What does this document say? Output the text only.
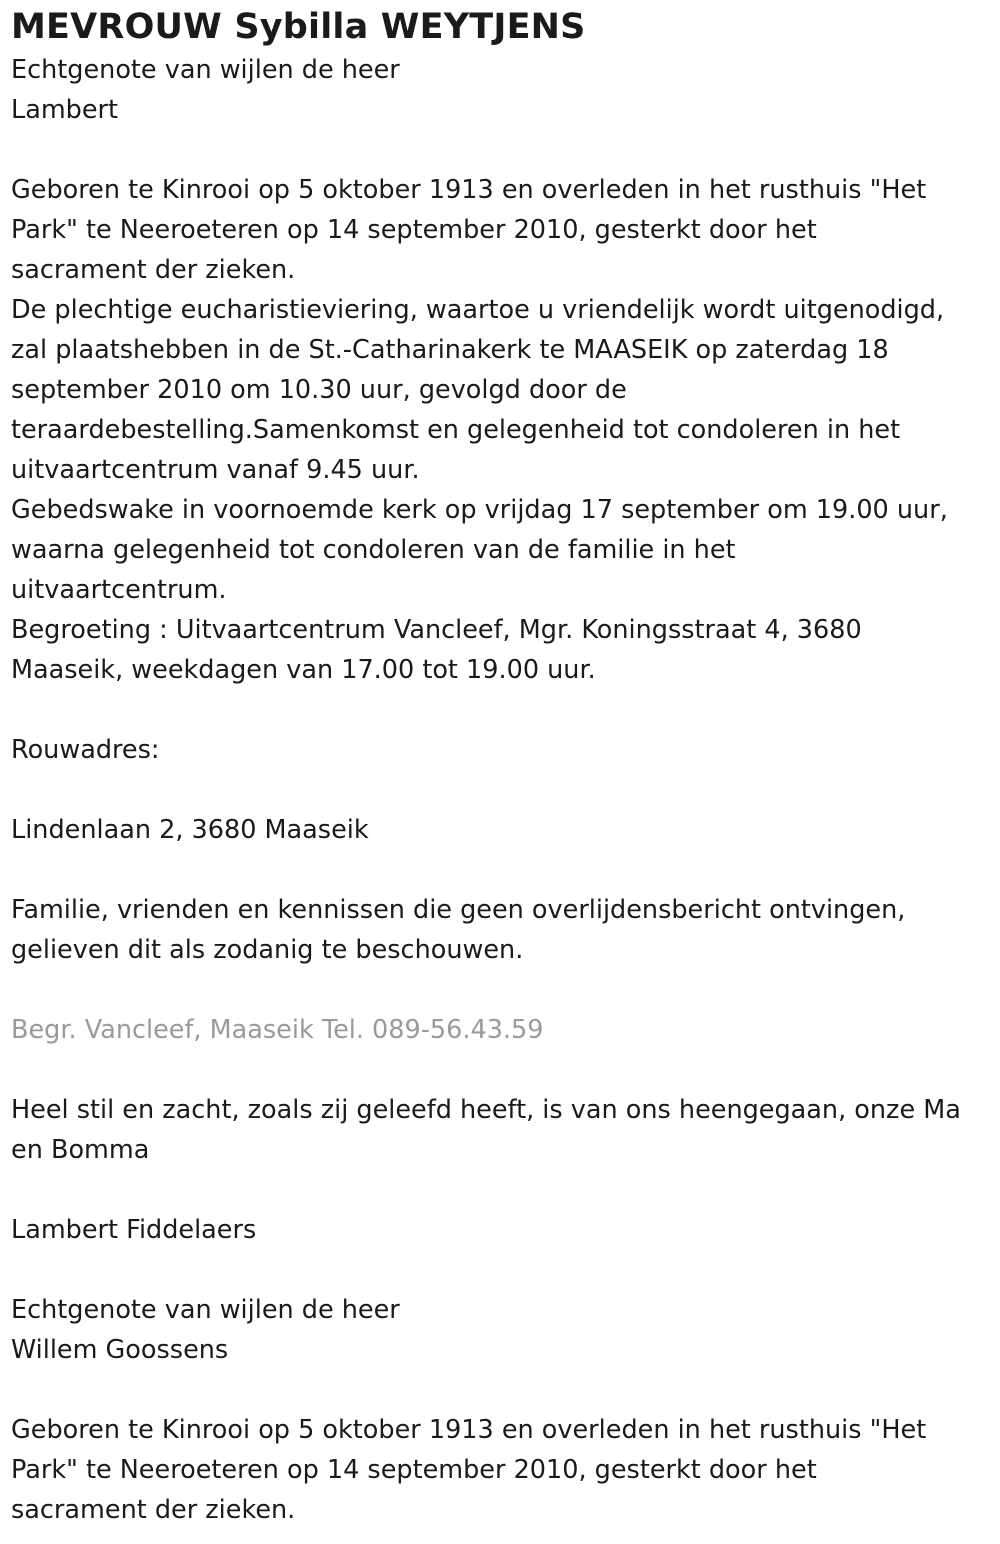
MEVROUW Sybilla WEYTJENS
Echtgenote van wijlen de heer
Lambert
Geboren te Kinrooi op 5 oktober 1913 en overleden in het rusthuis "Het
Park" te Neeroeteren op 14 september 2010, gesterkt door het
sacrament der zieken.
De plechtige eucharistieviering, waartoe u vriendelijk wordt uitgenodigd,
zal plaatshebben in de St.-Catharinakerk te MAASEIK op zaterdag 18
september 2010 om 10.30 uur, gevolgd door de
teraardebestelling.Samenkomst en gelegenheid tot condoleren in het
uitvaartcentrum vanaf 9.45 uur.
Gebedswake in voornoemde kerk op vrijdag 17 september om 19.00 uur,
waarna gelegenheid tot condoleren van de familie in het
uitvaartcentrum.
Begroeting : Uitvaartcentrum Vancleef, Mgr. Koningsstraat 4, 3680
Maaseik, weekdagen van 17.00 tot 19.00 uur.
Rouwadres:
Lindenlaan 2, 3680 Maaseik
Familie, vrienden en kennissen die geen overlijdensbericht ontvingen,
gelieven dit als zodanig te beschouwen.
Begr. Vancleef, Maaseik Tel. 089-56.43.59
Heel stil en zacht, zoals zij geleefd heeft, is van ons heengegaan, onze Ma
en Bomma
Lambert Fiddelaers
Echtgenote van wijlen de heer
Willem Goossens
Geboren te Kinrooi op 5 oktober 1913 en overleden in het rusthuis "Het
Park" te Neeroeteren op 14 september 2010, gesterkt door het
sacrament der zieken.
